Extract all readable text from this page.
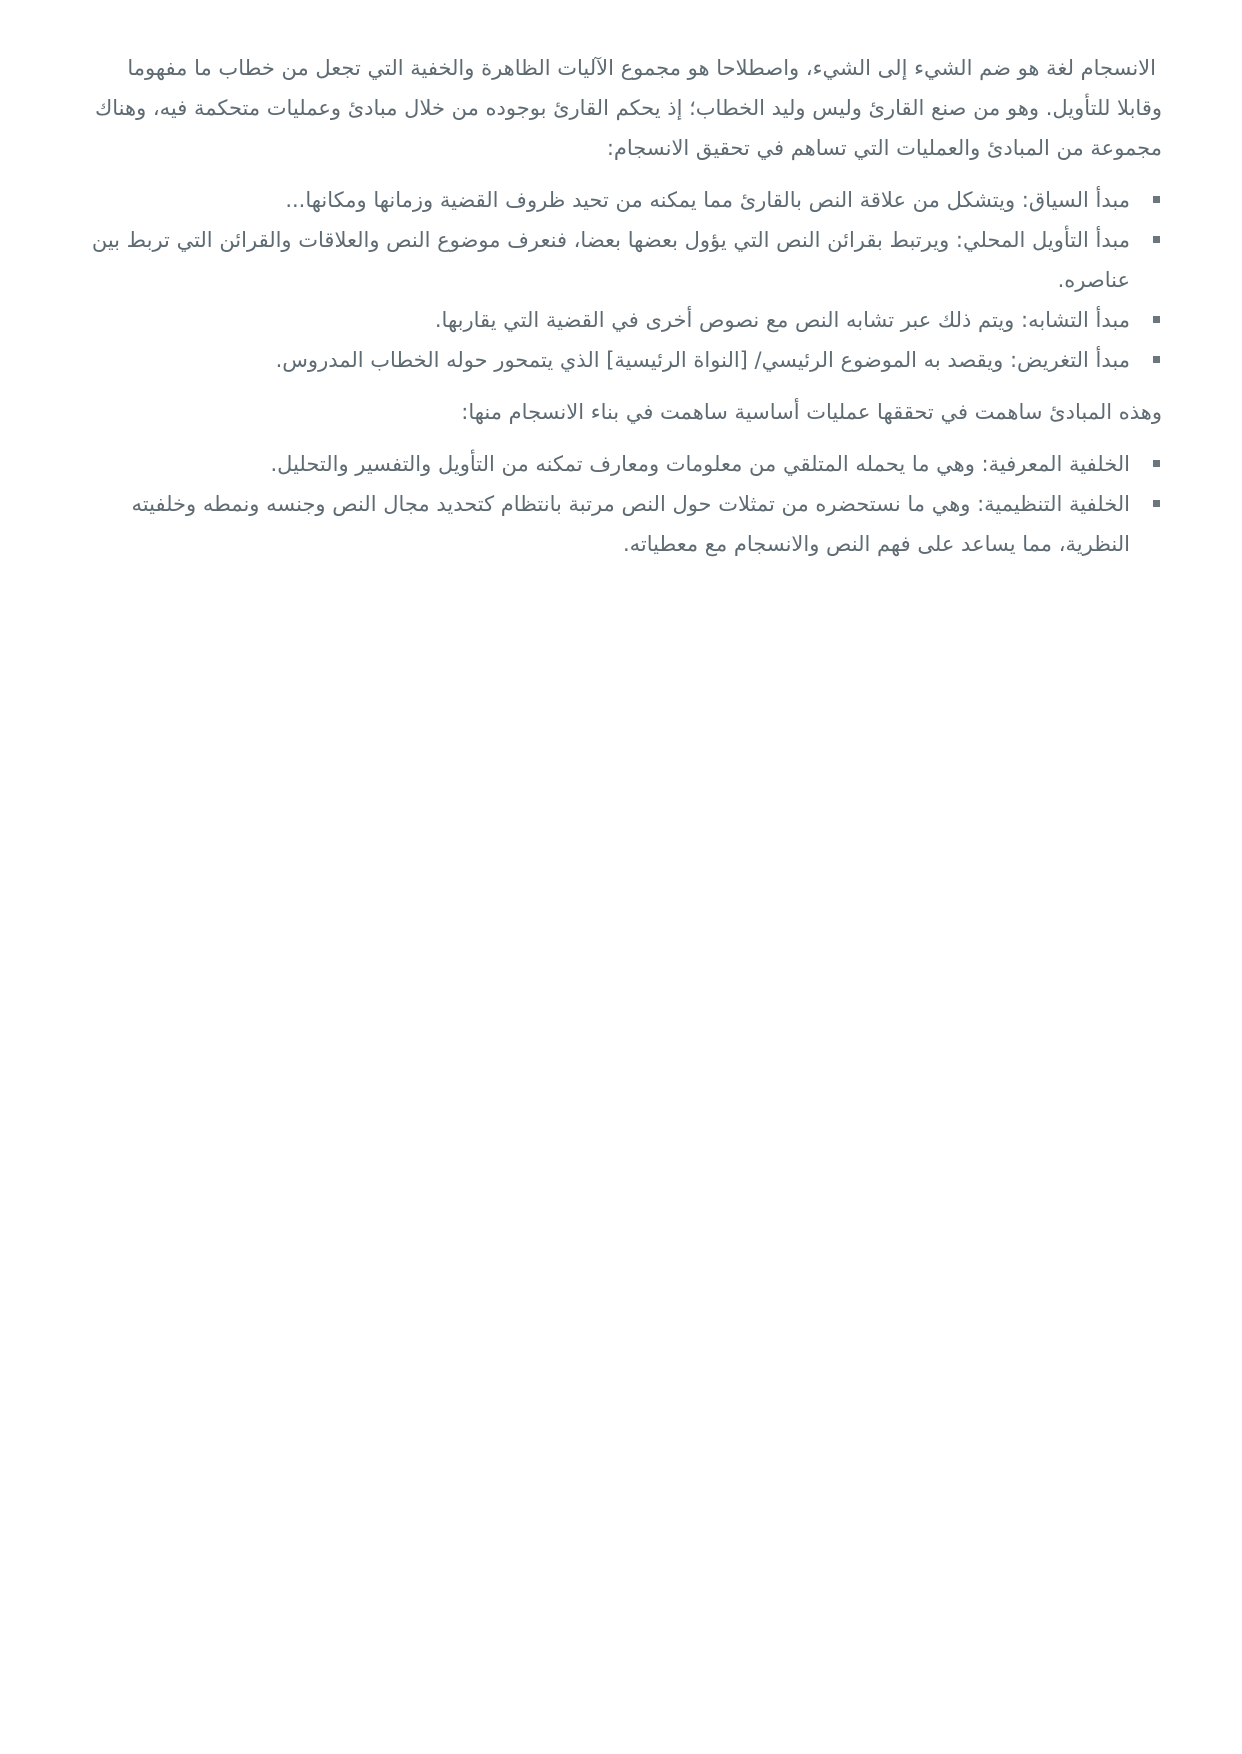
الانسجام لغة هو ضم الشيء إلى الشيء، واصطلاحا هو مجموع الآليات الظاهرة والخفية التي تجعل من خطاب ما مفهوما وقابلا للتأويل. وهو من صنع القارئ وليس وليد الخطاب؛ إذ يحكم القارئ بوجوده من خلال مبادئ وعمليات متحكمة فيه، وهناك مجموعة من المبادئ والعمليات التي تساهم في تحقيق الانسجام:

مبدأ السياق: ويتشكل من علاقة النص بالقارئ مما يمكنه من تحيد ظروف القضية وزمانها ومكانها...
مبدأ التأويل المحلي: ويرتبط بقرائن النص التي يؤول بعضها بعضا، فنعرف موضوع النص والعلاقات والقرائن التي تربط بين عناصره.
مبدأ التشابه: ويتم ذلك عبر تشابه النص مع نصوص أخرى في القضية التي يقاربها.
مبدأ التغريض: ويقصد به الموضوع الرئيسي/ [النواة الرئيسية] الذي يتمحور حوله الخطاب المدروس.

وهذه المبادئ ساهمت في تحققها عمليات أساسية ساهمت في بناء الانسجام منها:

الخلفية المعرفية: وهي ما يحمله المتلقي من معلومات ومعارف تمكنه من التأويل والتفسير والتحليل.
الخلفية التنظيمية: وهي ما نستحضره من تمثلات حول النص مرتبة بانتظام كتحديد مجال النص وجنسه ونمطه وخلفيته النظرية، مما يساعد على فهم النص والانسجام مع معطياته.
